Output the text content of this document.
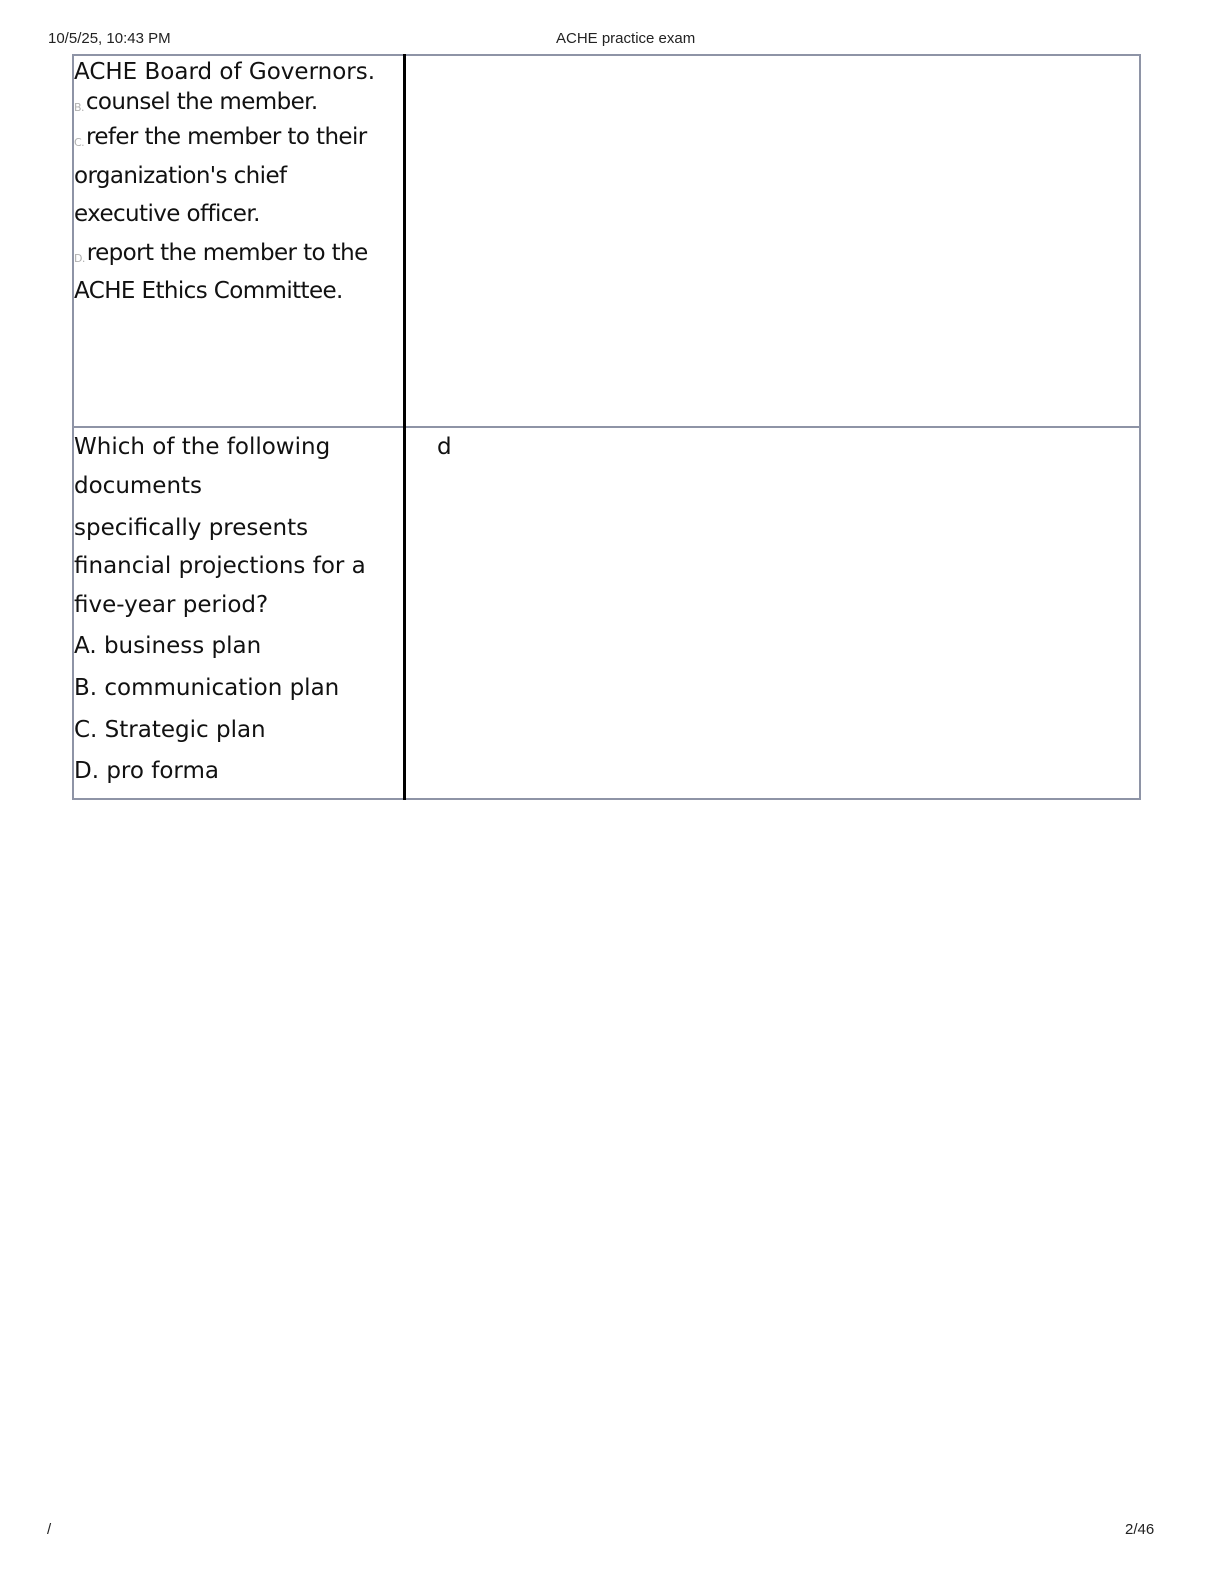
10/5/25, 10:43 PM	ACHE practice exam
ACHE Board of Governors.
B.counsel the member.
C.refer the member to their
organization's chief
executive officer.
D.report the member to the
ACHE Ethics Committee.
Which of the following
documents
specifically presents
financial projections for a
five-year period?
A. business plan
B. communication plan
C. Strategic plan
D. pro forma
d
/	2/46
